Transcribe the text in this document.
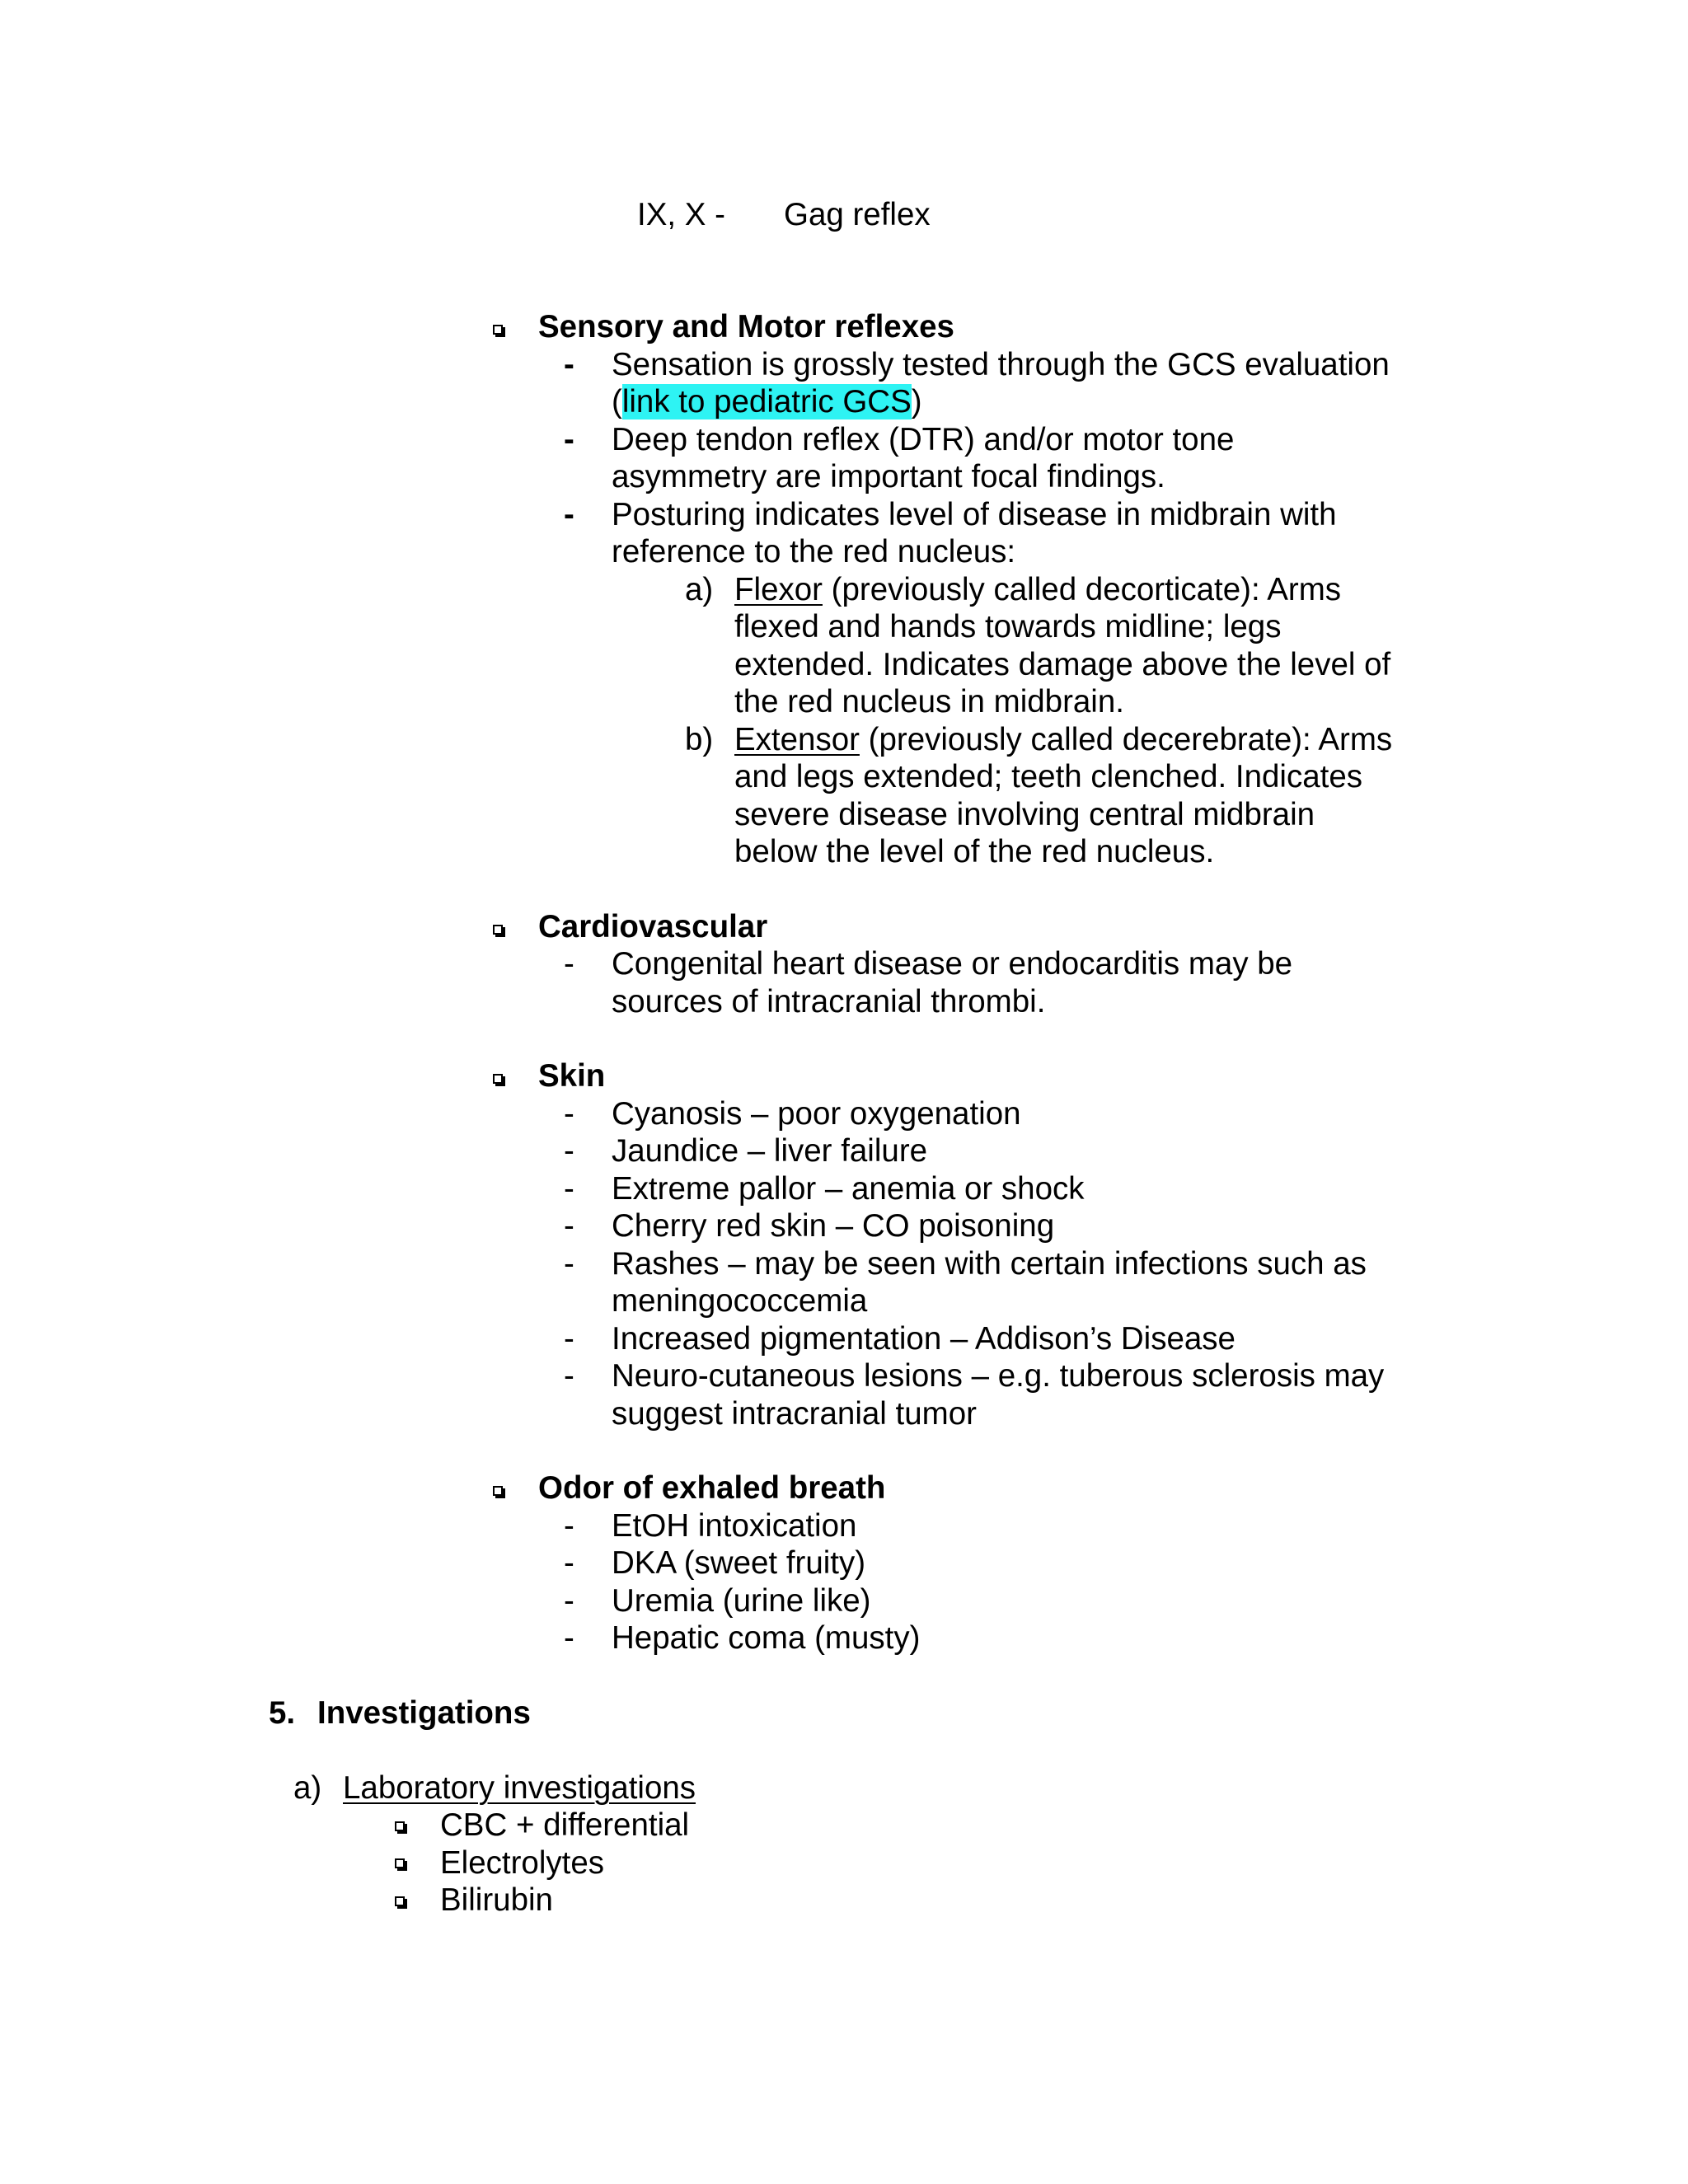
IX, X - Gag reflex
Sensory and Motor reflexes
- Sensation is grossly tested through the GCS evaluation
(link to pediatric GCS)
- Deep tendon reflex (DTR) and/or motor tone
asymmetry are important focal findings.
- Posturing indicates level of disease in midbrain with
reference to the red nucleus:
a) Flexor (previously called decorticate): Arms
flexed and hands towards midline; legs
extended. Indicates damage above the level of
the red nucleus in midbrain.
b) Extensor (previously called decerebrate): Arms
and legs extended; teeth clenched. Indicates
severe disease involving central midbrain
below the level of the red nucleus.
Cardiovascular
- Congenital heart disease or endocarditis may be
sources of intracranial thrombi.
Skin
- Cyanosis – poor oxygenation
- Jaundice – liver failure
- Extreme pallor – anemia or shock
- Cherry red skin – CO poisoning
- Rashes – may be seen with certain infections such as
meningococcemia
- Increased pigmentation – Addison’s Disease
- Neuro-cutaneous lesions – e.g. tuberous sclerosis may
suggest intracranial tumor
Odor of exhaled breath
- EtOH intoxication
- DKA (sweet fruity)
- Uremia (urine like)
- Hepatic coma (musty)
5. Investigations
a) Laboratory investigations
CBC + differential
Electrolytes
Bilirubin
